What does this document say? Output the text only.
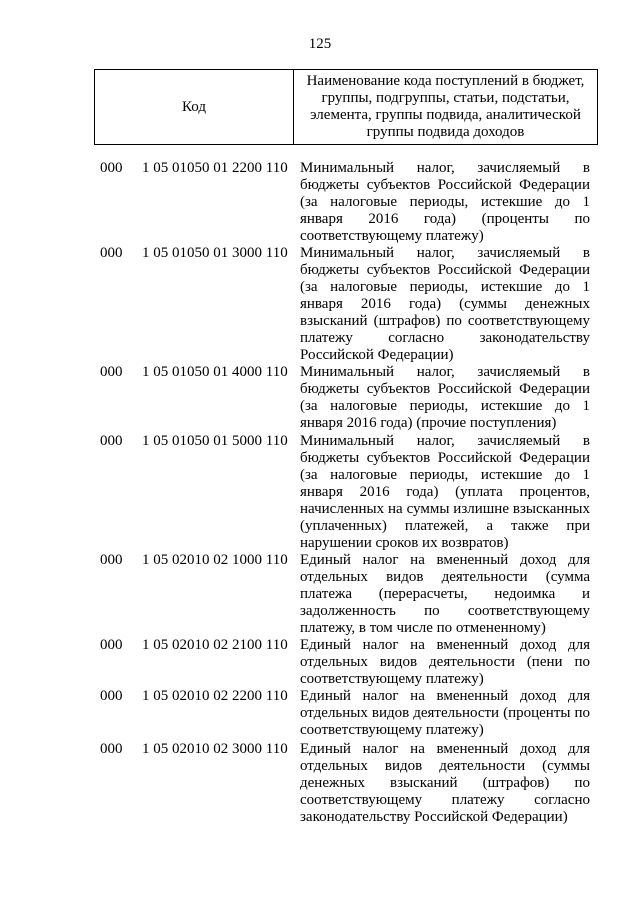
125
Код
Наименование кода поступлений в бюджет, группы, подгруппы, статьи, подстатьи, элемента, группы подвида, аналитической группы подвида доходов
000	1 05 01050 01 2200 110 Минимальный налог, зачисляемый в бюджеты субъектов Российской Федерации (за налоговые периоды, истекшие до 1 января 2016 года) (проценты по соответствующему платежу)
000	1 05 01050 01 3000 110 Минимальный налог, зачисляемый в бюджеты субъектов Российской Федерации (за налоговые периоды, истекшие до 1 января 2016 года) (суммы денежных взысканий (штрафов) по соответствующему платежу согласно законодательству Российской Федерации)
000	1 05 01050 01 4000 110 Минимальный налог, зачисляемый в бюджеты субъектов Российской Федерации (за налоговые периоды, истекшие до 1 января 2016 года) (прочие поступления)
000	1 05 01050 01 5000 110 Минимальный налог, зачисляемый в бюджеты субъектов Российской Федерации (за налоговые периоды, истекшие до 1 января 2016 года) (уплата процентов, начисленных на суммы излишне взысканных (уплаченных) платежей, а также при нарушении сроков их возвратов)
000	1 05 02010 02 1000 110 Единый налог на вмененный доход для отдельных видов деятельности (сумма платежа (перерасчеты, недоимка и задолженность по соответствующему платежу, в том числе по отмененному)
000	1 05 02010 02 2100 110 Единый налог на вмененный доход для отдельных видов деятельности (пени по соответствующему платежу)
000	1 05 02010 02 2200 110 Единый налог на вмененный доход для отдельных видов деятельности (проценты по соответствующему платежу)
000	1 05 02010 02 3000 110 Единый налог на вмененный доход для отдельных видов деятельности (суммы денежных взысканий (штрафов) по соответствующему платежу согласно законодательству Российской Федерации)
